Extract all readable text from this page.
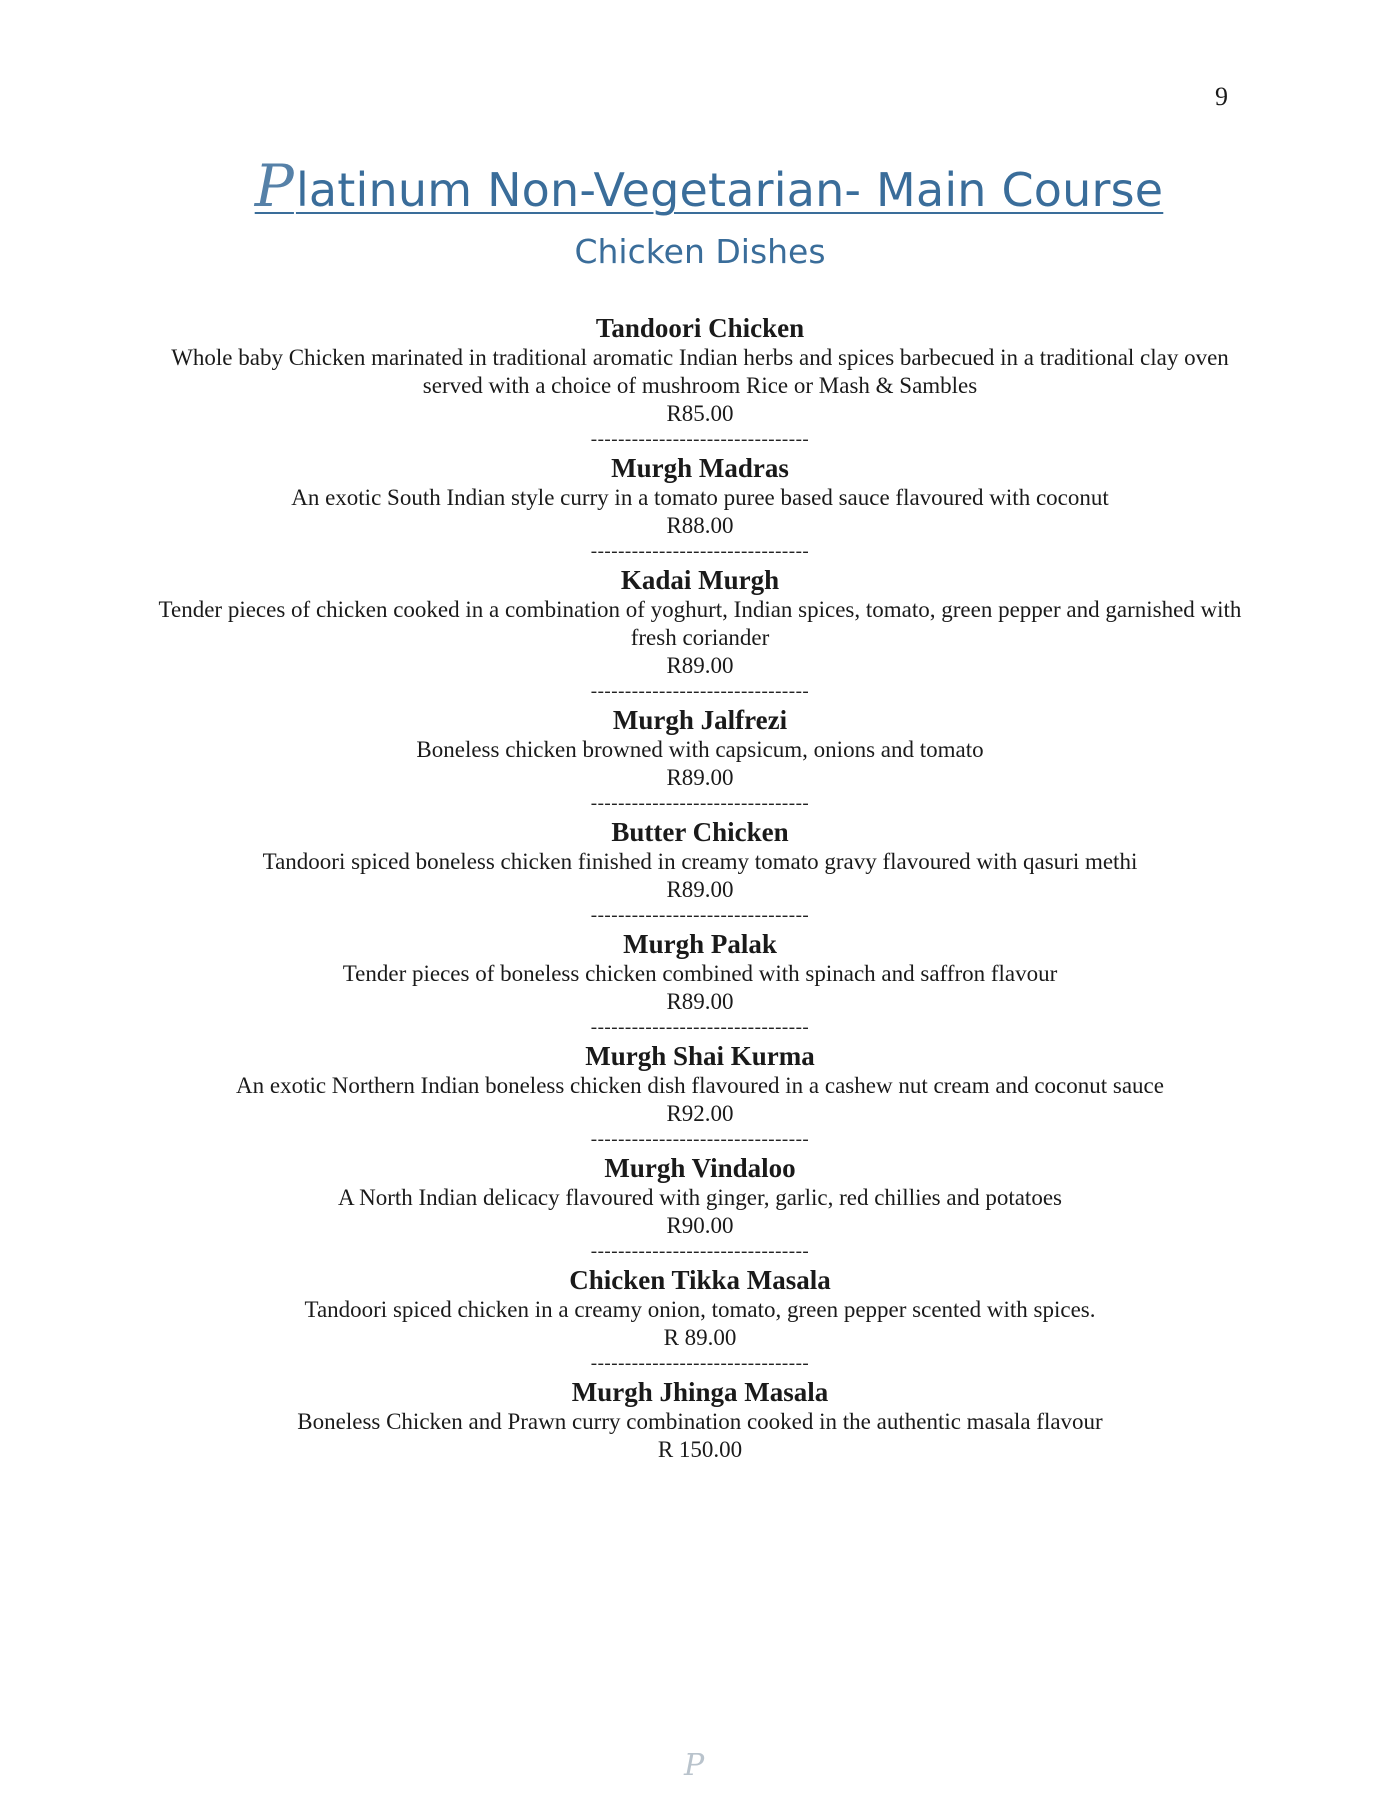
9
Platinum Non-Vegetarian- Main Course
Chicken Dishes
Tandoori Chicken
Whole baby Chicken marinated in traditional aromatic Indian herbs and spices barbecued in a traditional clay oven served with a choice of mushroom Rice or Mash & Sambles
R85.00
--------------------------------
Murgh Madras
An exotic South Indian style curry in a tomato puree based sauce flavoured with coconut
R88.00
--------------------------------
Kadai Murgh
Tender pieces of chicken cooked in a combination of yoghurt, Indian spices, tomato, green pepper and garnished with fresh coriander
R89.00
--------------------------------
Murgh Jalfrezi
Boneless chicken browned with capsicum, onions and tomato
R89.00
--------------------------------
Butter Chicken
Tandoori spiced boneless chicken finished in creamy tomato gravy flavoured with qasuri methi
R89.00
--------------------------------
Murgh Palak
Tender pieces of boneless chicken combined with spinach and saffron flavour
R89.00
--------------------------------
Murgh Shai Kurma
An exotic Northern Indian boneless chicken dish flavoured in a cashew nut cream and coconut sauce
R92.00
--------------------------------
Murgh Vindaloo
A North Indian delicacy flavoured with ginger, garlic, red chillies and potatoes
R90.00
--------------------------------
Chicken Tikka Masala
Tandoori spiced chicken in a creamy onion, tomato, green pepper scented with spices.
R 89.00
--------------------------------
Murgh Jhinga Masala
Boneless Chicken and Prawn curry combination cooked in the authentic masala flavour
R 150.00
P
